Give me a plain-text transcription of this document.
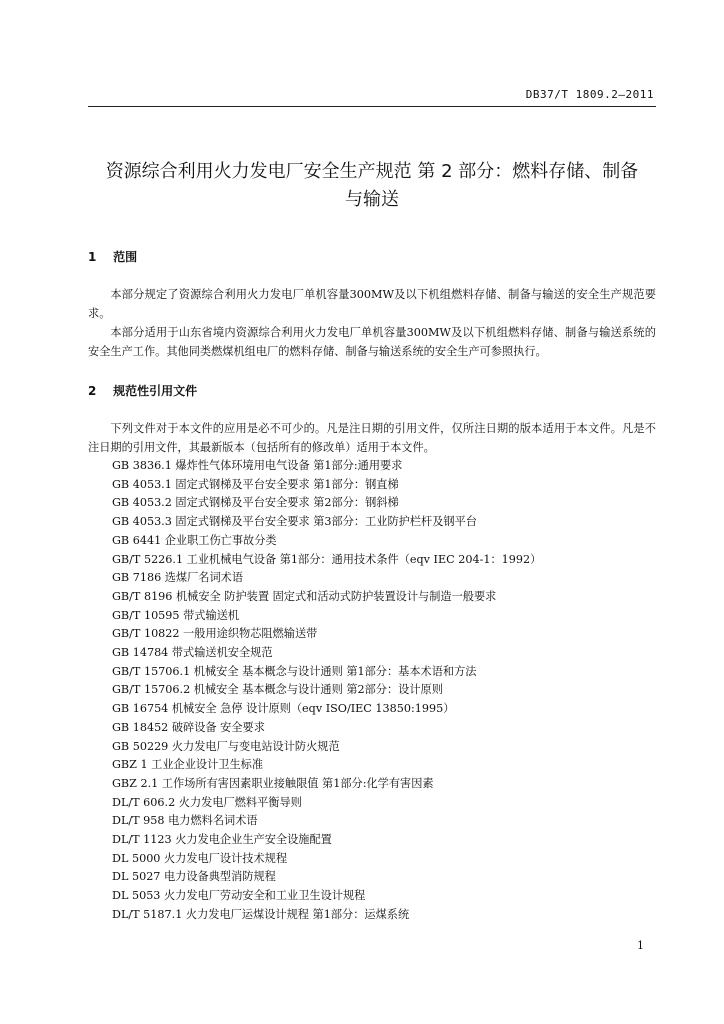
DB37/T 1809.2—2011
资源综合利用火力发电厂安全生产规范 第 2 部分：燃料存储、制备
与输送

1 范围

本部分规定了资源综合利用火力发电厂单机容量300MW及以下机组燃料存储、制备与输送的安全生产规范要求。

本部分适用于山东省境内资源综合利用火力发电厂单机容量300MW及以下机组燃料存储、制备与输送系统的安全生产工作。其他同类燃煤机组电厂的燃料存储、制备与输送系统的安全生产可参照执行。

2 规范性引用文件

下列文件对于本文件的应用是必不可少的。凡是注日期的引用文件，仅所注日期的版本适用于本文件。凡是不注日期的引用文件，其最新版本（包括所有的修改单）适用于本文件。

GB 3836.1 爆炸性气体环境用电气设备 第1部分:通用要求
GB 4053.1 固定式钢梯及平台安全要求 第1部分：钢直梯
GB 4053.2 固定式钢梯及平台安全要求 第2部分：钢斜梯
GB 4053.3 固定式钢梯及平台安全要求 第3部分：工业防护栏杆及钢平台
GB 6441 企业职工伤亡事故分类
GB/T 5226.1 工业机械电气设备 第1部分：通用技术条件（eqv IEC 204-1：1992）
GB 7186 选煤厂名词术语
GB/T 8196 机械安全 防护装置 固定式和活动式防护装置设计与制造一般要求
GB/T 10595 带式输送机
GB/T 10822 一般用途织物芯阻燃输送带
GB 14784 带式输送机安全规范
GB/T 15706.1 机械安全 基本概念与设计通则 第1部分：基本术语和方法
GB/T 15706.2 机械安全 基本概念与设计通则 第2部分：设计原则
GB 16754 机械安全 急停 设计原则（eqv ISO/IEC 13850:1995）
GB 18452 破碎设备 安全要求
GB 50229 火力发电厂与变电站设计防火规范
GBZ 1 工业企业设计卫生标准
GBZ 2.1 工作场所有害因素职业接触限值 第1部分:化学有害因素
DL/T 606.2 火力发电厂燃料平衡导则
DL/T 958 电力燃料名词术语
DL/T 1123 火力发电企业生产安全设施配置
DL 5000 火力发电厂设计技术规程
DL 5027 电力设备典型消防规程
DL 5053 火力发电厂劳动安全和工业卫生设计规程
DL/T 5187.1 火力发电厂运煤设计规程 第1部分：运煤系统
1
